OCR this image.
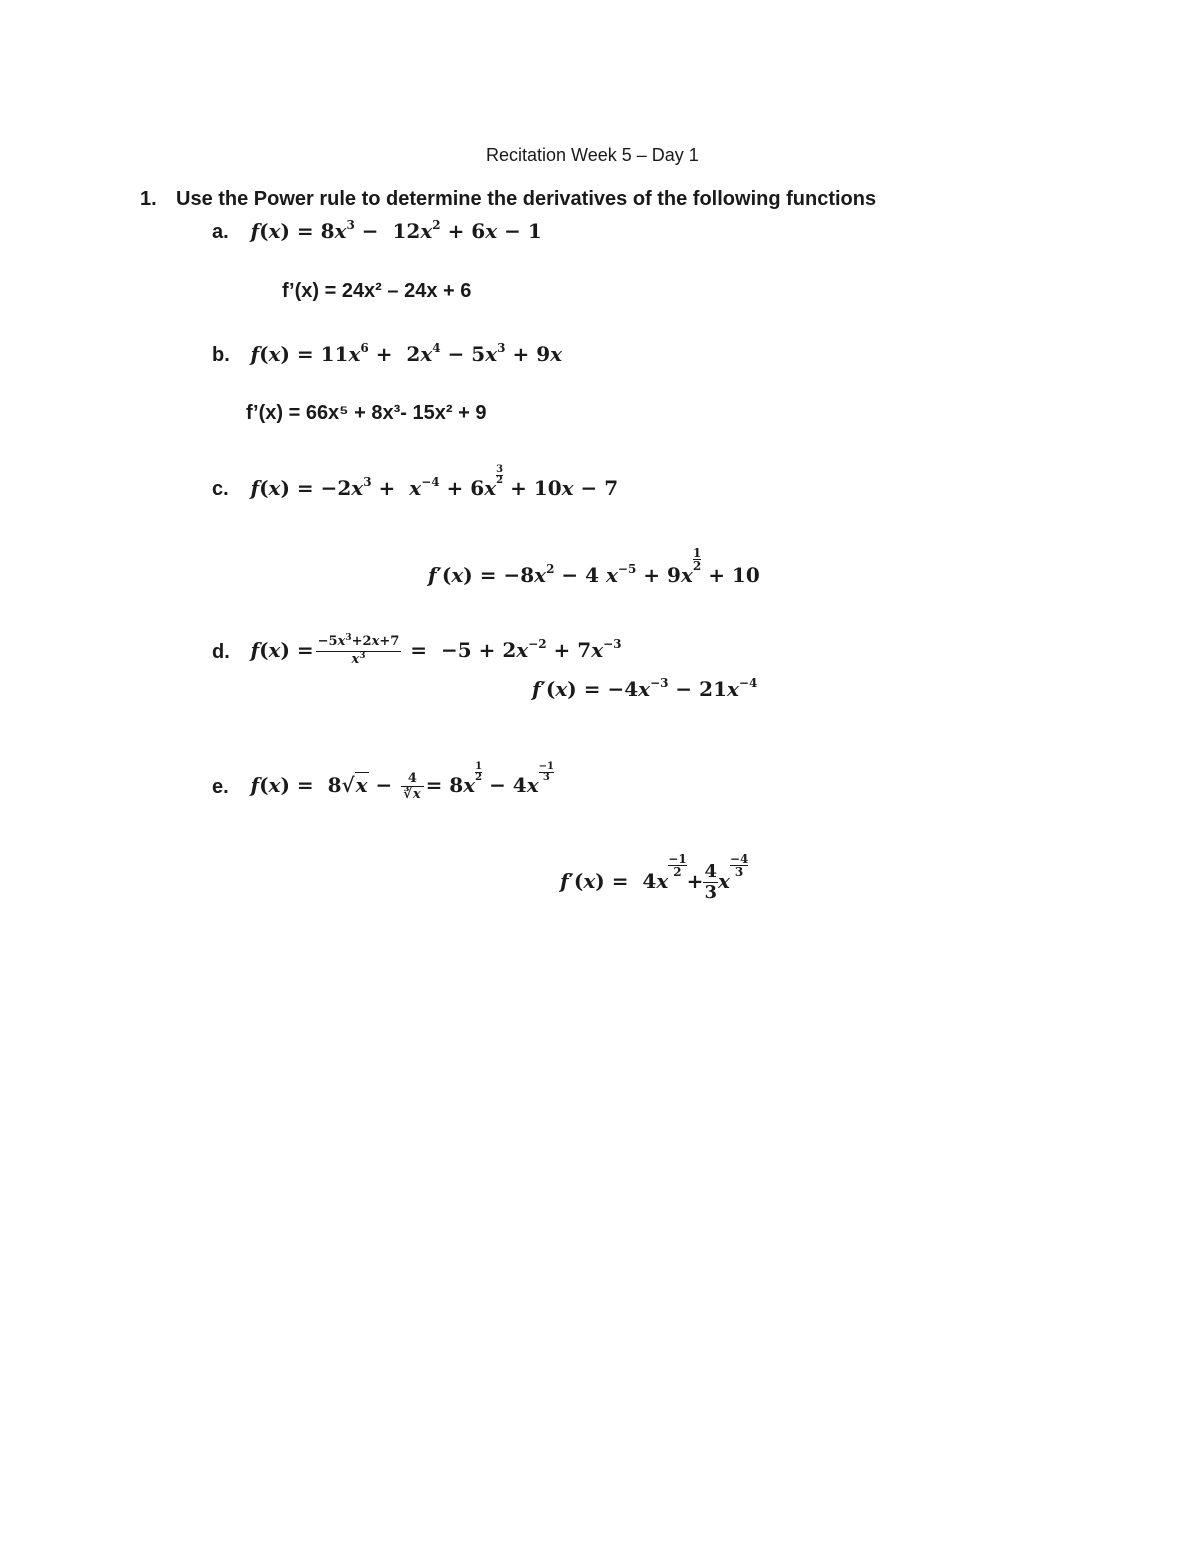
Recitation Week 5 – Day 1
1. Use the Power rule to determine the derivatives of the following functions
a. $f(x) = 8x^3 - 12x^2 + 6x - 1$
f’(x) = 24x² – 24x + 6
b. $f(x) = 11x^6 + 2x^4 - 5x^3 + 9x$
f’(x) = 66x⁵ + 8x³- 15x² + 9
c. $f(x) = -2x^3 + x^{-4} + 6x$
$\frac{3}{2}$
+ 10x − 7
$f'(x) = -8x^2 - 4$ $x^{-5} + 9x$
$\frac{1}{2}$
+ 10
d. $f(x) = \frac{-5x^3+2x+7}{x^3} = -5 + 2x^{-2} + 7x^{-3}$
$f'(x) = -4x^{-3} - 21x^{-4}$
e. $f(x) = 8√x - \frac{4}{∛x} = 8x$
$\frac{1}{2}$
− 4x
$\frac{-1}{3}$
f′(x) =  4x
$\frac{-1}{2}$
+ $\frac{4}{3}$ x
$\frac{-4}{3}$
